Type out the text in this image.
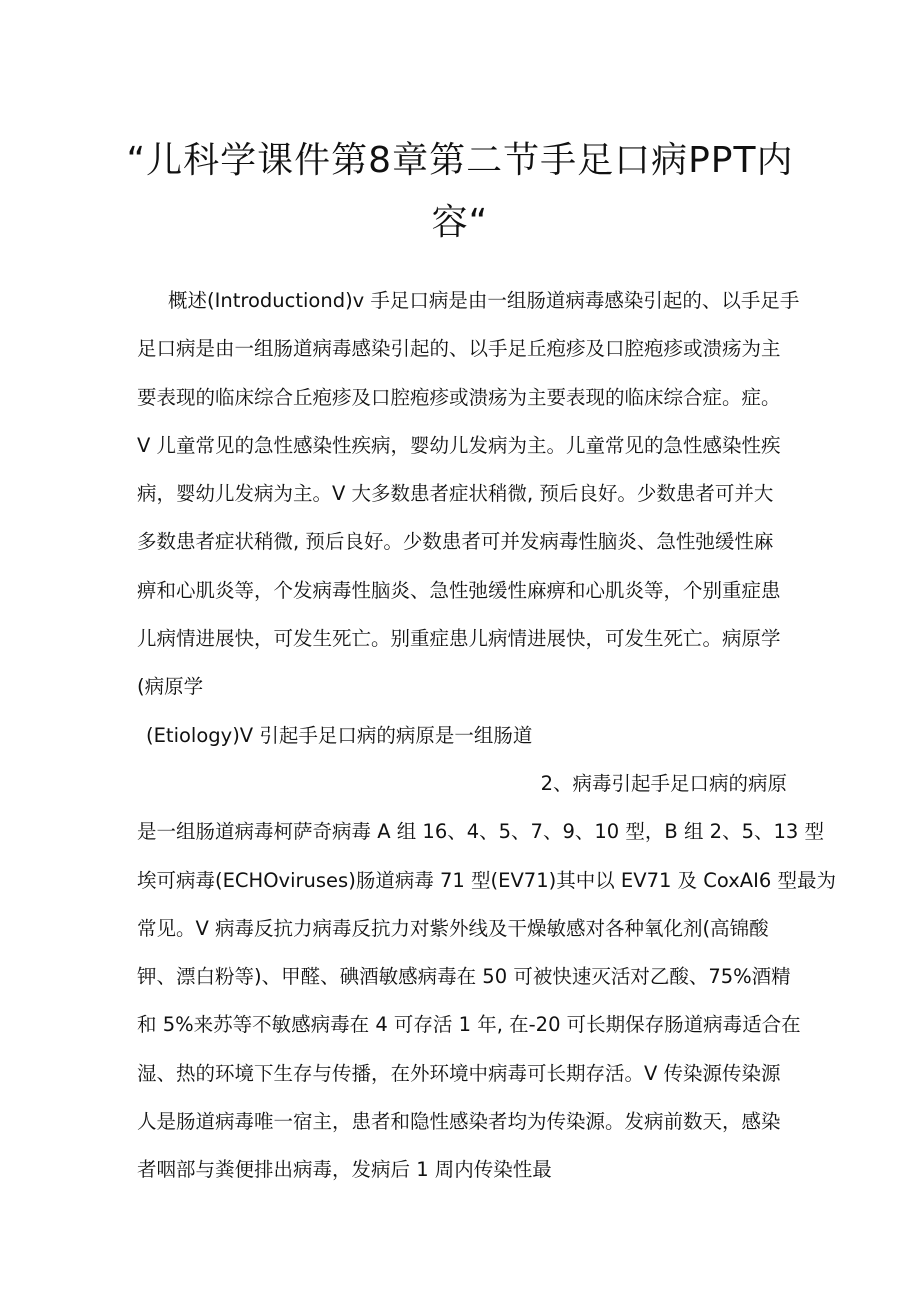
“儿科学课件第8章第二节手足口病PPT内
容“
概述(Introductiond)v 手足口病是由一组肠道病毒感染引起的、以手足手
足口病是由一组肠道病毒感染引起的、以手足丘疱疹及口腔疱疹或溃疡为主
要表现的临床综合丘疱疹及口腔疱疹或溃疡为主要表现的临床综合症。症。
V 儿童常见的急性感染性疾病，婴幼儿发病为主。儿童常见的急性感染性疾
病，婴幼儿发病为主。V 大多数患者症状稍微, 预后良好。少数患者可并大
多数患者症状稍微, 预后良好。少数患者可并发病毒性脑炎、急性弛缓性麻
痹和心肌炎等，个发病毒性脑炎、急性弛缓性麻痹和心肌炎等，个别重症患
儿病情进展快，可发生死亡。别重症患儿病情进展快，可发生死亡。病原学
(病原学
(Etiology)V 引起手足口病的病原是一组肠道
2、病毒引起手足口病的病原
是一组肠道病毒柯萨奇病毒 A 组 16、4、5、7、9、10 型，B 组 2、5、13 型
埃可病毒(ECHOviruses)肠道病毒 71 型(EV71)其中以 EV71 及 CoxAI6 型最为
常见。V 病毒反抗力病毒反抗力对紫外线及干燥敏感对各种氧化剂(高锦酸
钾、漂白粉等)、甲醛、碘酒敏感病毒在 50 可被快速灭活对乙酸、75%酒精
和 5%来苏等不敏感病毒在 4 可存活 1 年, 在-20 可长期保存肠道病毒适合在
湿、热的环境下生存与传播，在外环境中病毒可长期存活。V 传染源传染源
人是肠道病毒唯一宿主，患者和隐性感染者均为传染源。发病前数天，感染
者咽部与粪便排出病毒，发病后 1 周内传染性最
